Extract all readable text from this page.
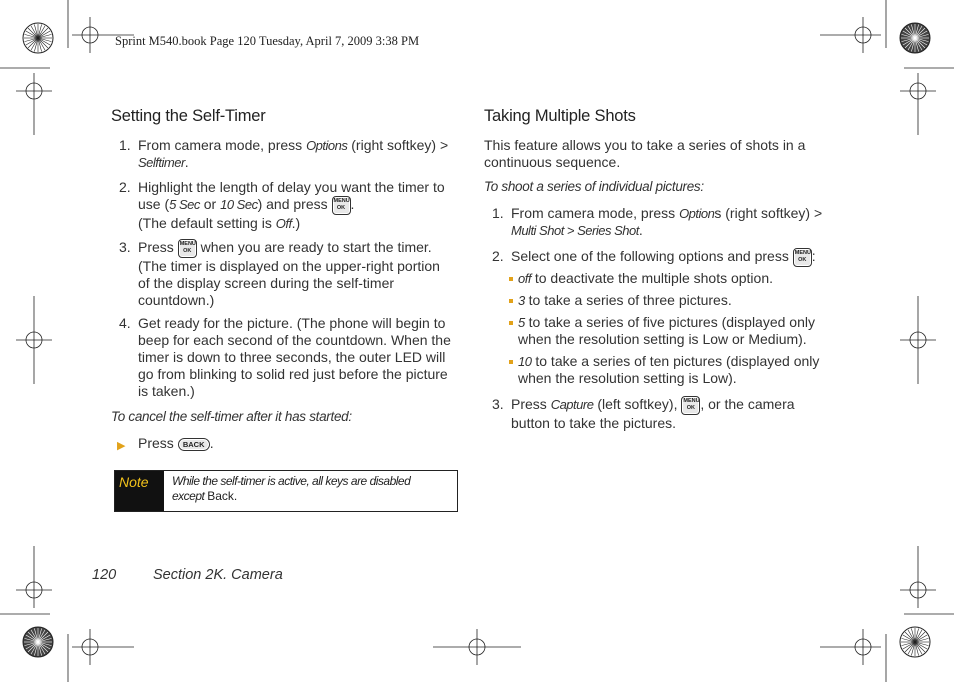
Sprint M540.book Page 120 Tuesday, April 7, 2009 3:38 PM
Setting the Self-Timer
1. From camera mode, press Options (right softkey) >
Selftimer.
2. Highlight the length of delay you want the timer to
use (5 Sec or 10 Sec) and press MENU
OK .
(The default setting is Off.)
3. Press MENU
OK when you are ready to start the timer.
(The timer is displayed on the upper-right portion
of the display screen during the self-timer
countdown.)
4. Get ready for the picture. (The phone will begin to
beep for each second of the countdown. When the
timer is down to three seconds, the outer LED will
go from blinking to solid red just before the picture
is taken.)
To cancel the self-timer after it has started:
▶ Press BACK .
Note	While the self-timer is active, all keys are disabled
except Back.
Taking Multiple Shots
This feature allows you to take a series of shots in a
continuous sequence.
To shoot a series of individual pictures:
1. From camera mode, press Options (right softkey) >
Multi Shot > Series Shot.
2. Select one of the following options and press MENU
OK :
off to deactivate the multiple shots option.
3 to take a series of three pictures.
5 to take a series of five pictures (displayed only
when the resolution setting is Low or Medium).
10 to take a series of ten pictures (displayed only
when the resolution setting is Low).
3. Press Capture (left softkey), MENU
OK , or the camera
button to take the pictures.
120	Section 2K. Camera
